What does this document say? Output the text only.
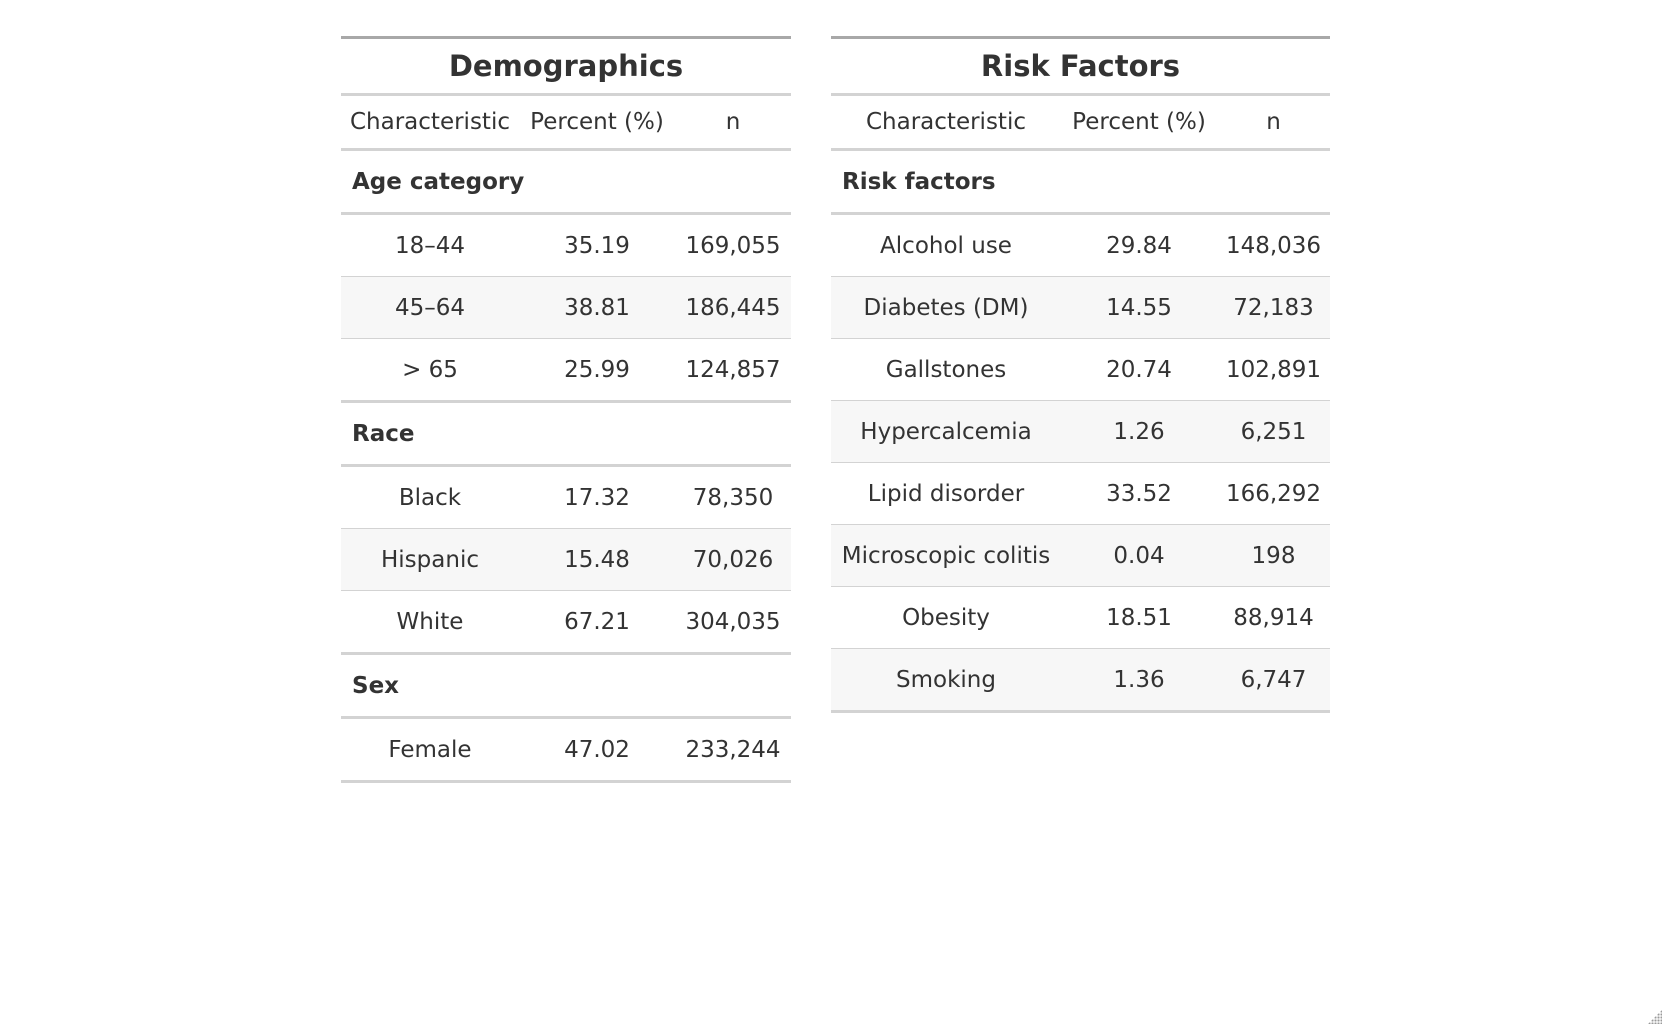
Demographics		
Characteristic	Percent (%)	n
Age category		
18–44	35.19	169,055
45–64	38.81	186,445
> 65	25.99	124,857
Race		
Black	17.32	78,350
Hispanic	15.48	70,026
White	67.21	304,035
Sex		
Female	47.02	233,244
Risk Factors		
Characteristic	Percent (%)	n
Risk factors		
Alcohol use	29.84	148,036
Diabetes (DM)	14.55	72,183
Gallstones	20.74	102,891
Hypercalcemia	1.26	6,251
Lipid disorder	33.52	166,292
Microscopic colitis	0.04	198
Obesity	18.51	88,914
Smoking	1.36	6,747
